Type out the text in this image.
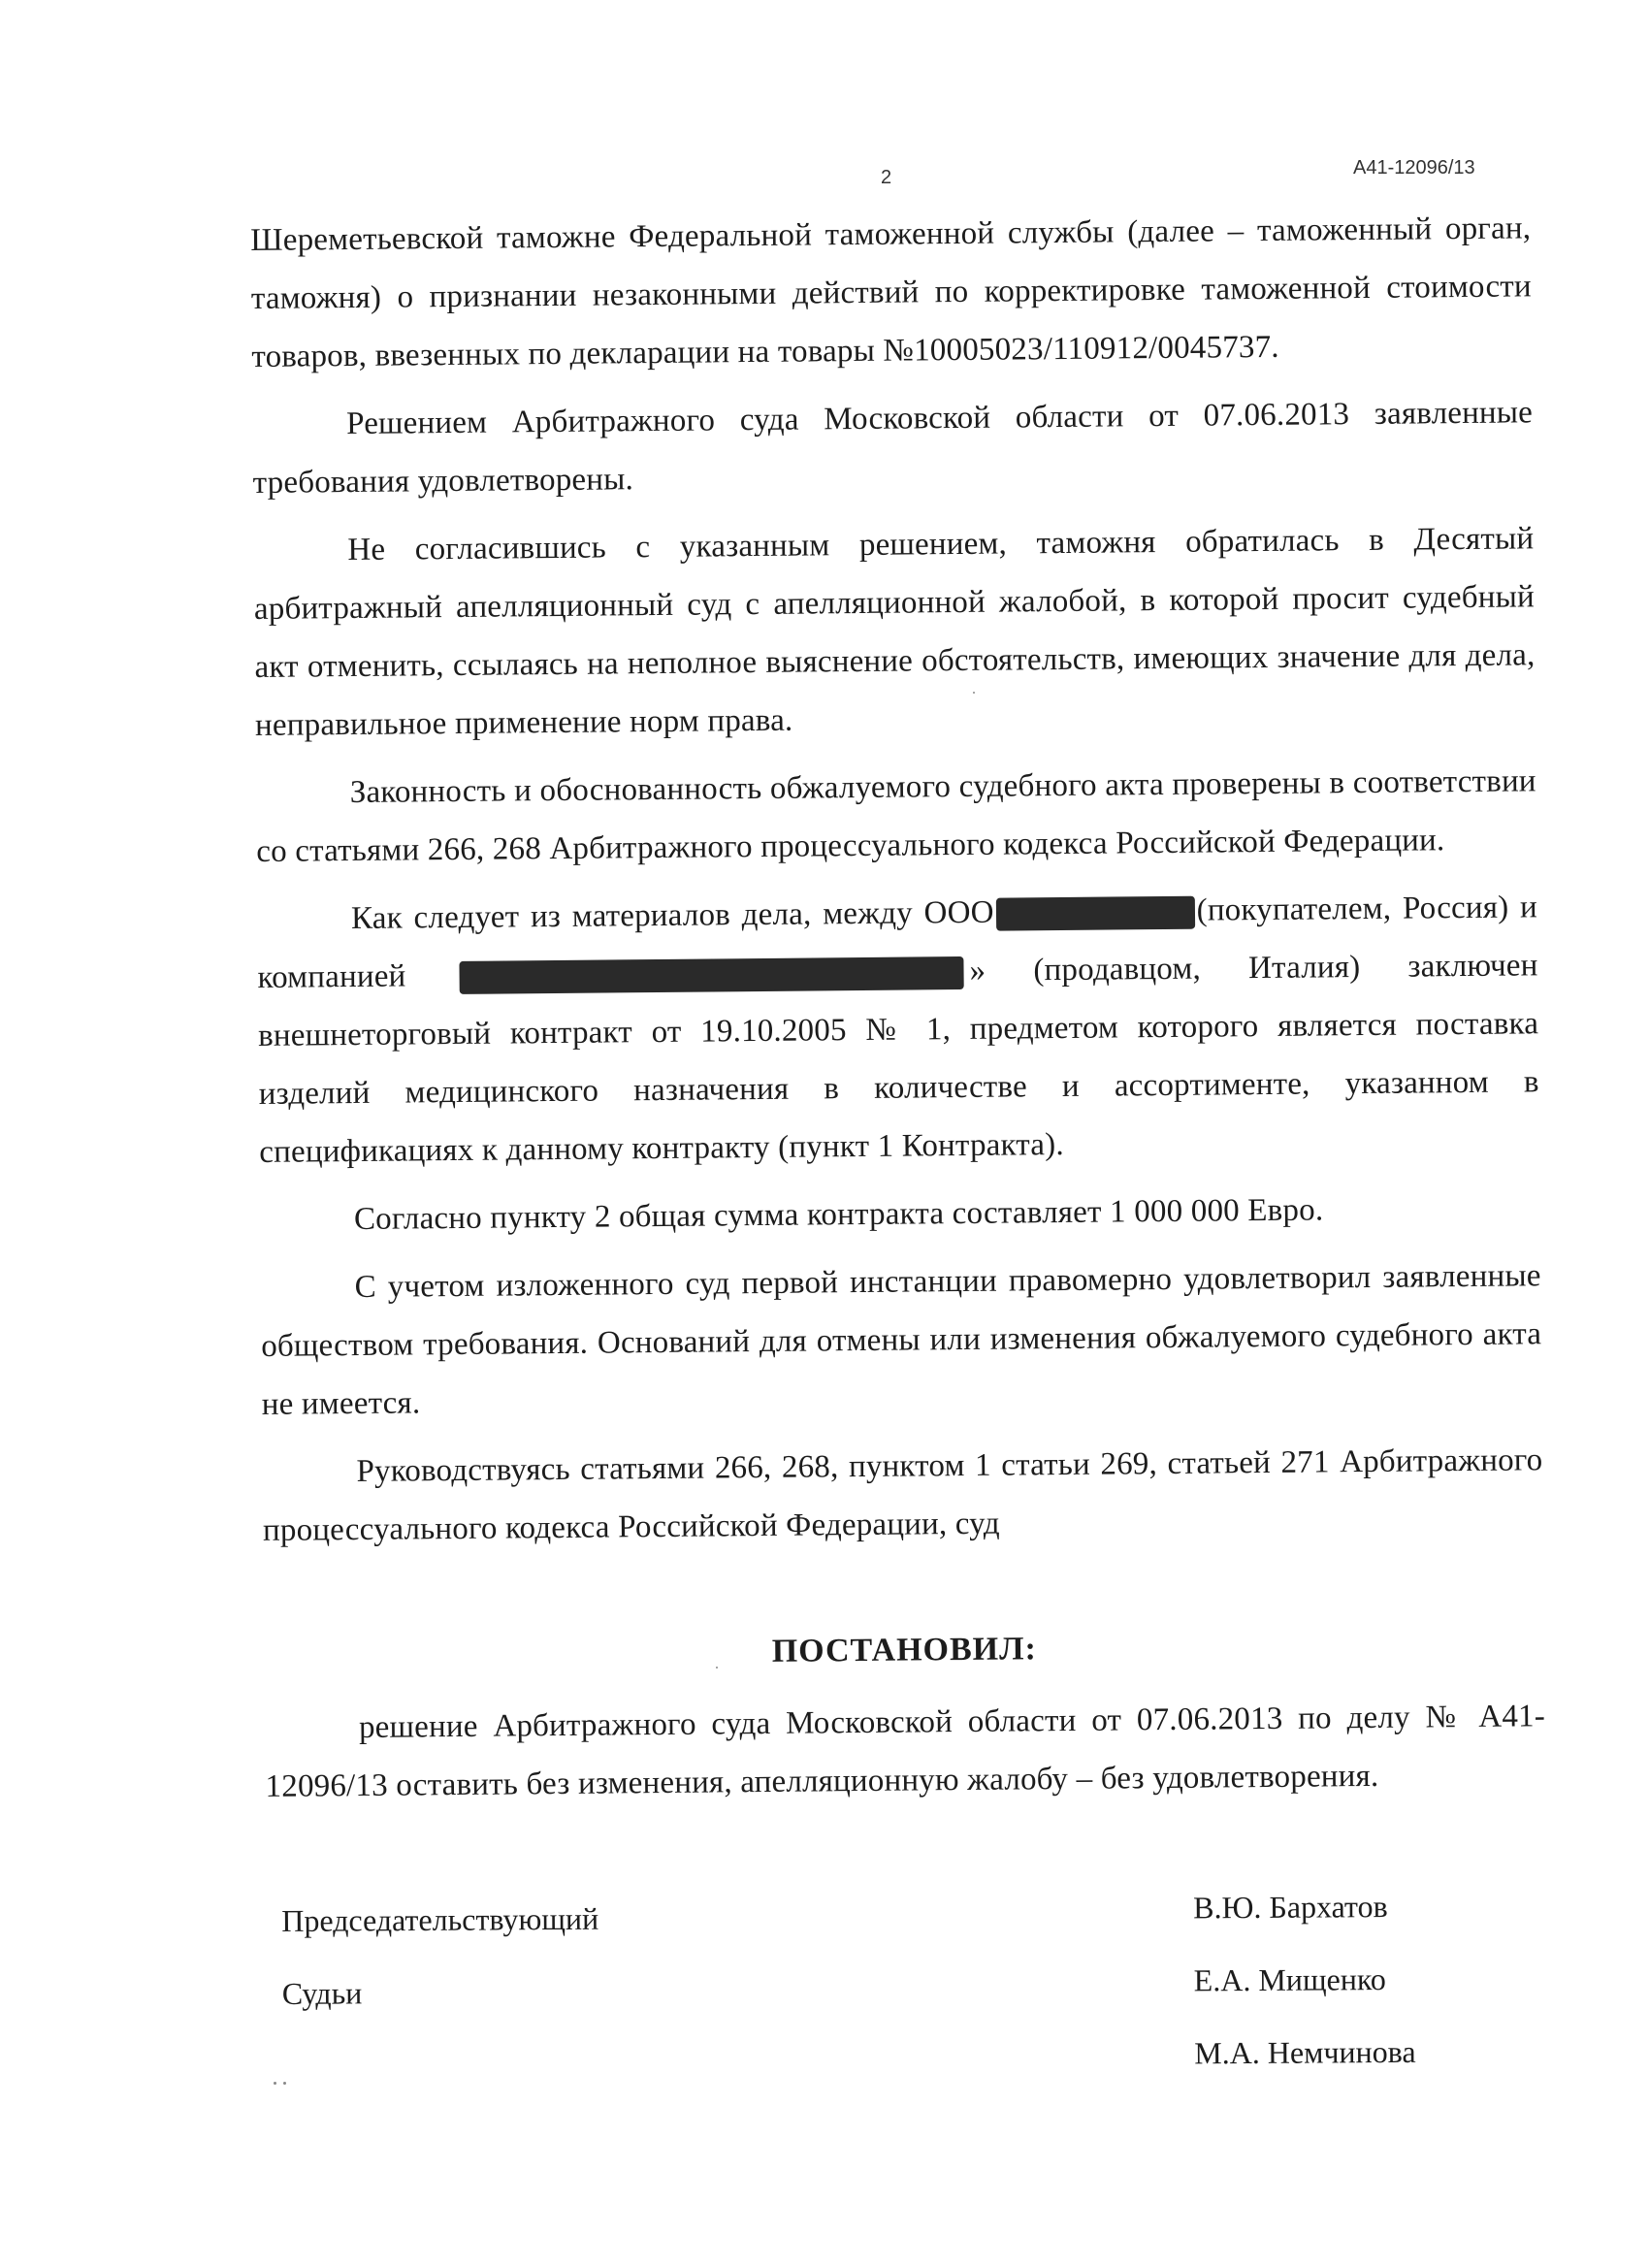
2	А41-12096/13

Шереметьевской таможне Федеральной таможенной службы (далее – таможенный орган, таможня) о признании незаконными действий по корректировке таможенной стоимости товаров, ввезенных по декларации на товары №10005023/110912/0045737.

Решением Арбитражного суда Московской области от 07.06.2013 заявленные требования удовлетворены.

Не согласившись с указанным решением, таможня обратилась в Десятый арбитражный апелляционный суд с апелляционной жалобой, в которой просит судебный акт отменить, ссылаясь на неполное выяснение обстоятельств, имеющих значение для дела, неправильное применение норм права.

Законность и обоснованность обжалуемого судебного акта проверены в соответствии со статьями 266, 268 Арбитражного процессуального кодекса Российской Федерации.

Как следует из материалов дела, между ООО	(покупателем, Россия) и компанией	» (продавцом, Италия) заключен внешнеторговый контракт от 19.10.2005 № 1, предметом которого является поставка изделий медицинского назначения в количестве и ассортименте, указанном в спецификациях к данному контракту (пункт 1 Контракта).

Согласно пункту 2 общая сумма контракта составляет 1 000 000 Евро.

С учетом изложенного суд первой инстанции правомерно удовлетворил заявленные обществом требования. Оснований для отмены или изменения обжалуемого судебного акта не имеется.

Руководствуясь статьями 266, 268, пунктом 1 статьи 269, статьей 271 Арбитражного процессуального кодекса Российской Федерации, суд

ПОСТАНОВИЛ:

решение Арбитражного суда Московской области от 07.06.2013 по делу № А41-12096/13 оставить без изменения, апелляционную жалобу – без удовлетворения.

Председательствующий	В.Ю. Бархатов
Судьи	Е.А. Мищенко
М.А. Немчинова
